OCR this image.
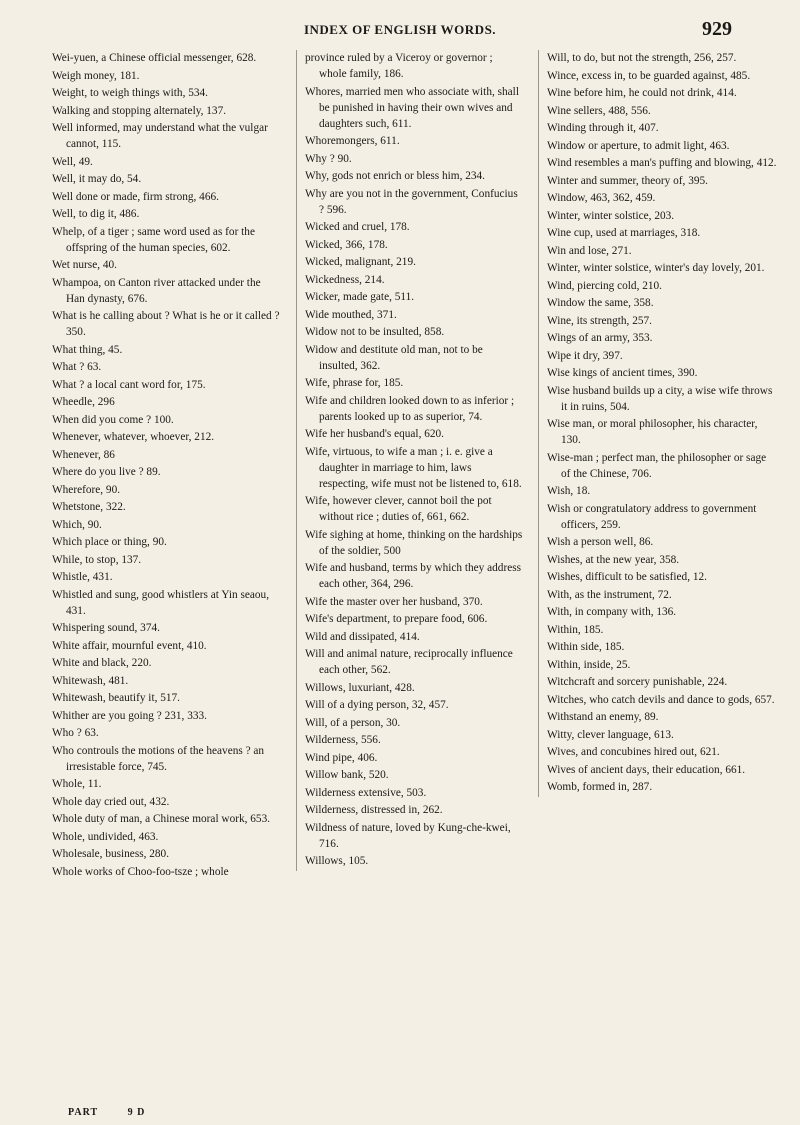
INDEX OF ENGLISH WORDS.	929
Wei-yuen, a Chinese official messenger, 628.
Weigh money, 181.
Weight, to weigh things with, 534.
Walking and stopping alternately, 137.
Well informed, may understand what the vulgar cannot, 115.
Well, 49.
Well, it may do, 54.
Well done or made, firm strong, 466.
Well, to dig it, 486.
Whelp, of a tiger ; same word used as for the offspring of the human species, 602.
Wet nurse, 40.
Whampoa, on Canton river attacked under the Han dynasty, 676.
What is he calling about ? What is he or it called ? 350.
What thing, 45.
What ? 63.
What ? a local cant word for, 175.
Wheedle, 296
When did you come ? 100.
Whenever, whatever, whoever, 212.
Whenever, 86
Where do you live ? 89.
Wherefore, 90.
Whetstone, 322.
Which, 90.
Which place or thing, 90.
While, to stop, 137.
Whistle, 431.
Whistled and sung, good whistlers at Yin seaou, 431.
Whispering sound, 374.
White affair, mournful event, 410.
White and black, 220.
Whitewash, 481.
Whitewash, beautify it, 517.
Whither are you going ? 231, 333.
Who ? 63.
Who controuls the motions of the heavens ? an irresistable force, 745.
Whole, 11.
Whole day cried out, 432.
Whole duty of man, a Chinese moral work, 653.
Whole, undivided, 463.
Wholesale, business, 280.
Whole works of Choo-foo-tsze ; whole
province ruled by a Viceroy or governor ; whole family, 186.
Whores, married men who associate with, shall be punished in having their own wives and daughters such, 611.
Whoremongers, 611.
Why ? 90.
Why, gods not enrich or bless him, 234.
Why are you not in the government, Confucius ? 596.
Wicked and cruel, 178.
Wicked, 366, 178.
Wicked, malignant, 219.
Wickedness, 214.
Wicker, made gate, 511.
Wide mouthed, 371.
Widow not to be insulted, 858.
Widow and destitute old man, not to be insulted, 362.
Wife, phrase for, 185.
Wife and children looked down to as inferior ; parents looked up to as superior, 74.
Wife her husband's equal, 620.
Wife, virtuous, to wife a man ; i. e. give a daughter in marriage to him, laws respecting, wife must not be listened to, 618.
Wife, however clever, cannot boil the pot without rice ; duties of, 661, 662.
Wife sighing at home, thinking on the hardships of the soldier, 500
Wife and husband, terms by which they address each other, 364, 296.
Wife the master over her husband, 370.
Wife's department, to prepare food, 606.
Wild and dissipated, 414.
Will and animal nature, reciprocally influence each other, 562.
Willows, luxuriant, 428.
Will of a dying person, 32, 457.
Will, of a person, 30.
Wilderness, 556.
Wind pipe, 406.
Willow bank, 520.
Wilderness extensive, 503.
Wilderness, distressed in, 262.
Wildness of nature, loved by Kung-che-kwei, 716.
Willows, 105.
Will, to do, but not the strength, 256, 257.
Wince, excess in, to be guarded against, 485.
Wine before him, he could not drink, 414.
Wine sellers, 488, 556.
Winding through it, 407.
Window or aperture, to admit light, 463.
Wind resembles a man's puffing and blowing, 412.
Winter and summer, theory of, 395.
Window, 463, 362, 459.
Winter, winter solstice, 203.
Wine cup, used at marriages, 318.
Win and lose, 271.
Winter, winter solstice, winter's day lovely, 201.
Wind, piercing cold, 210.
Window the same, 358.
Wine, its strength, 257.
Wings of an army, 353.
Wipe it dry, 397.
Wise kings of ancient times, 390.
Wise husband builds up a city, a wise wife throws it in ruins, 504.
Wise man, or moral philosopher, his character, 130.
Wise-man ; perfect man, the philosopher or sage of the Chinese, 706.
Wish, 18.
Wish or congratulatory address to government officers, 259.
Wish a person well, 86.
Wishes, at the new year, 358.
Wishes, difficult to be satisfied, 12.
With, as the instrument, 72.
With, in company with, 136.
Within, 185.
Within side, 185.
Within, inside, 25.
Witchcraft and sorcery punishable, 224.
Witches, who catch devils and dance to gods, 657.
Withstand an enemy, 89.
Witty, clever language, 613.
Wives, and concubines hired out, 621.
Wives of ancient days, their education, 661.
Womb, formed in, 287.
PART	9 D
